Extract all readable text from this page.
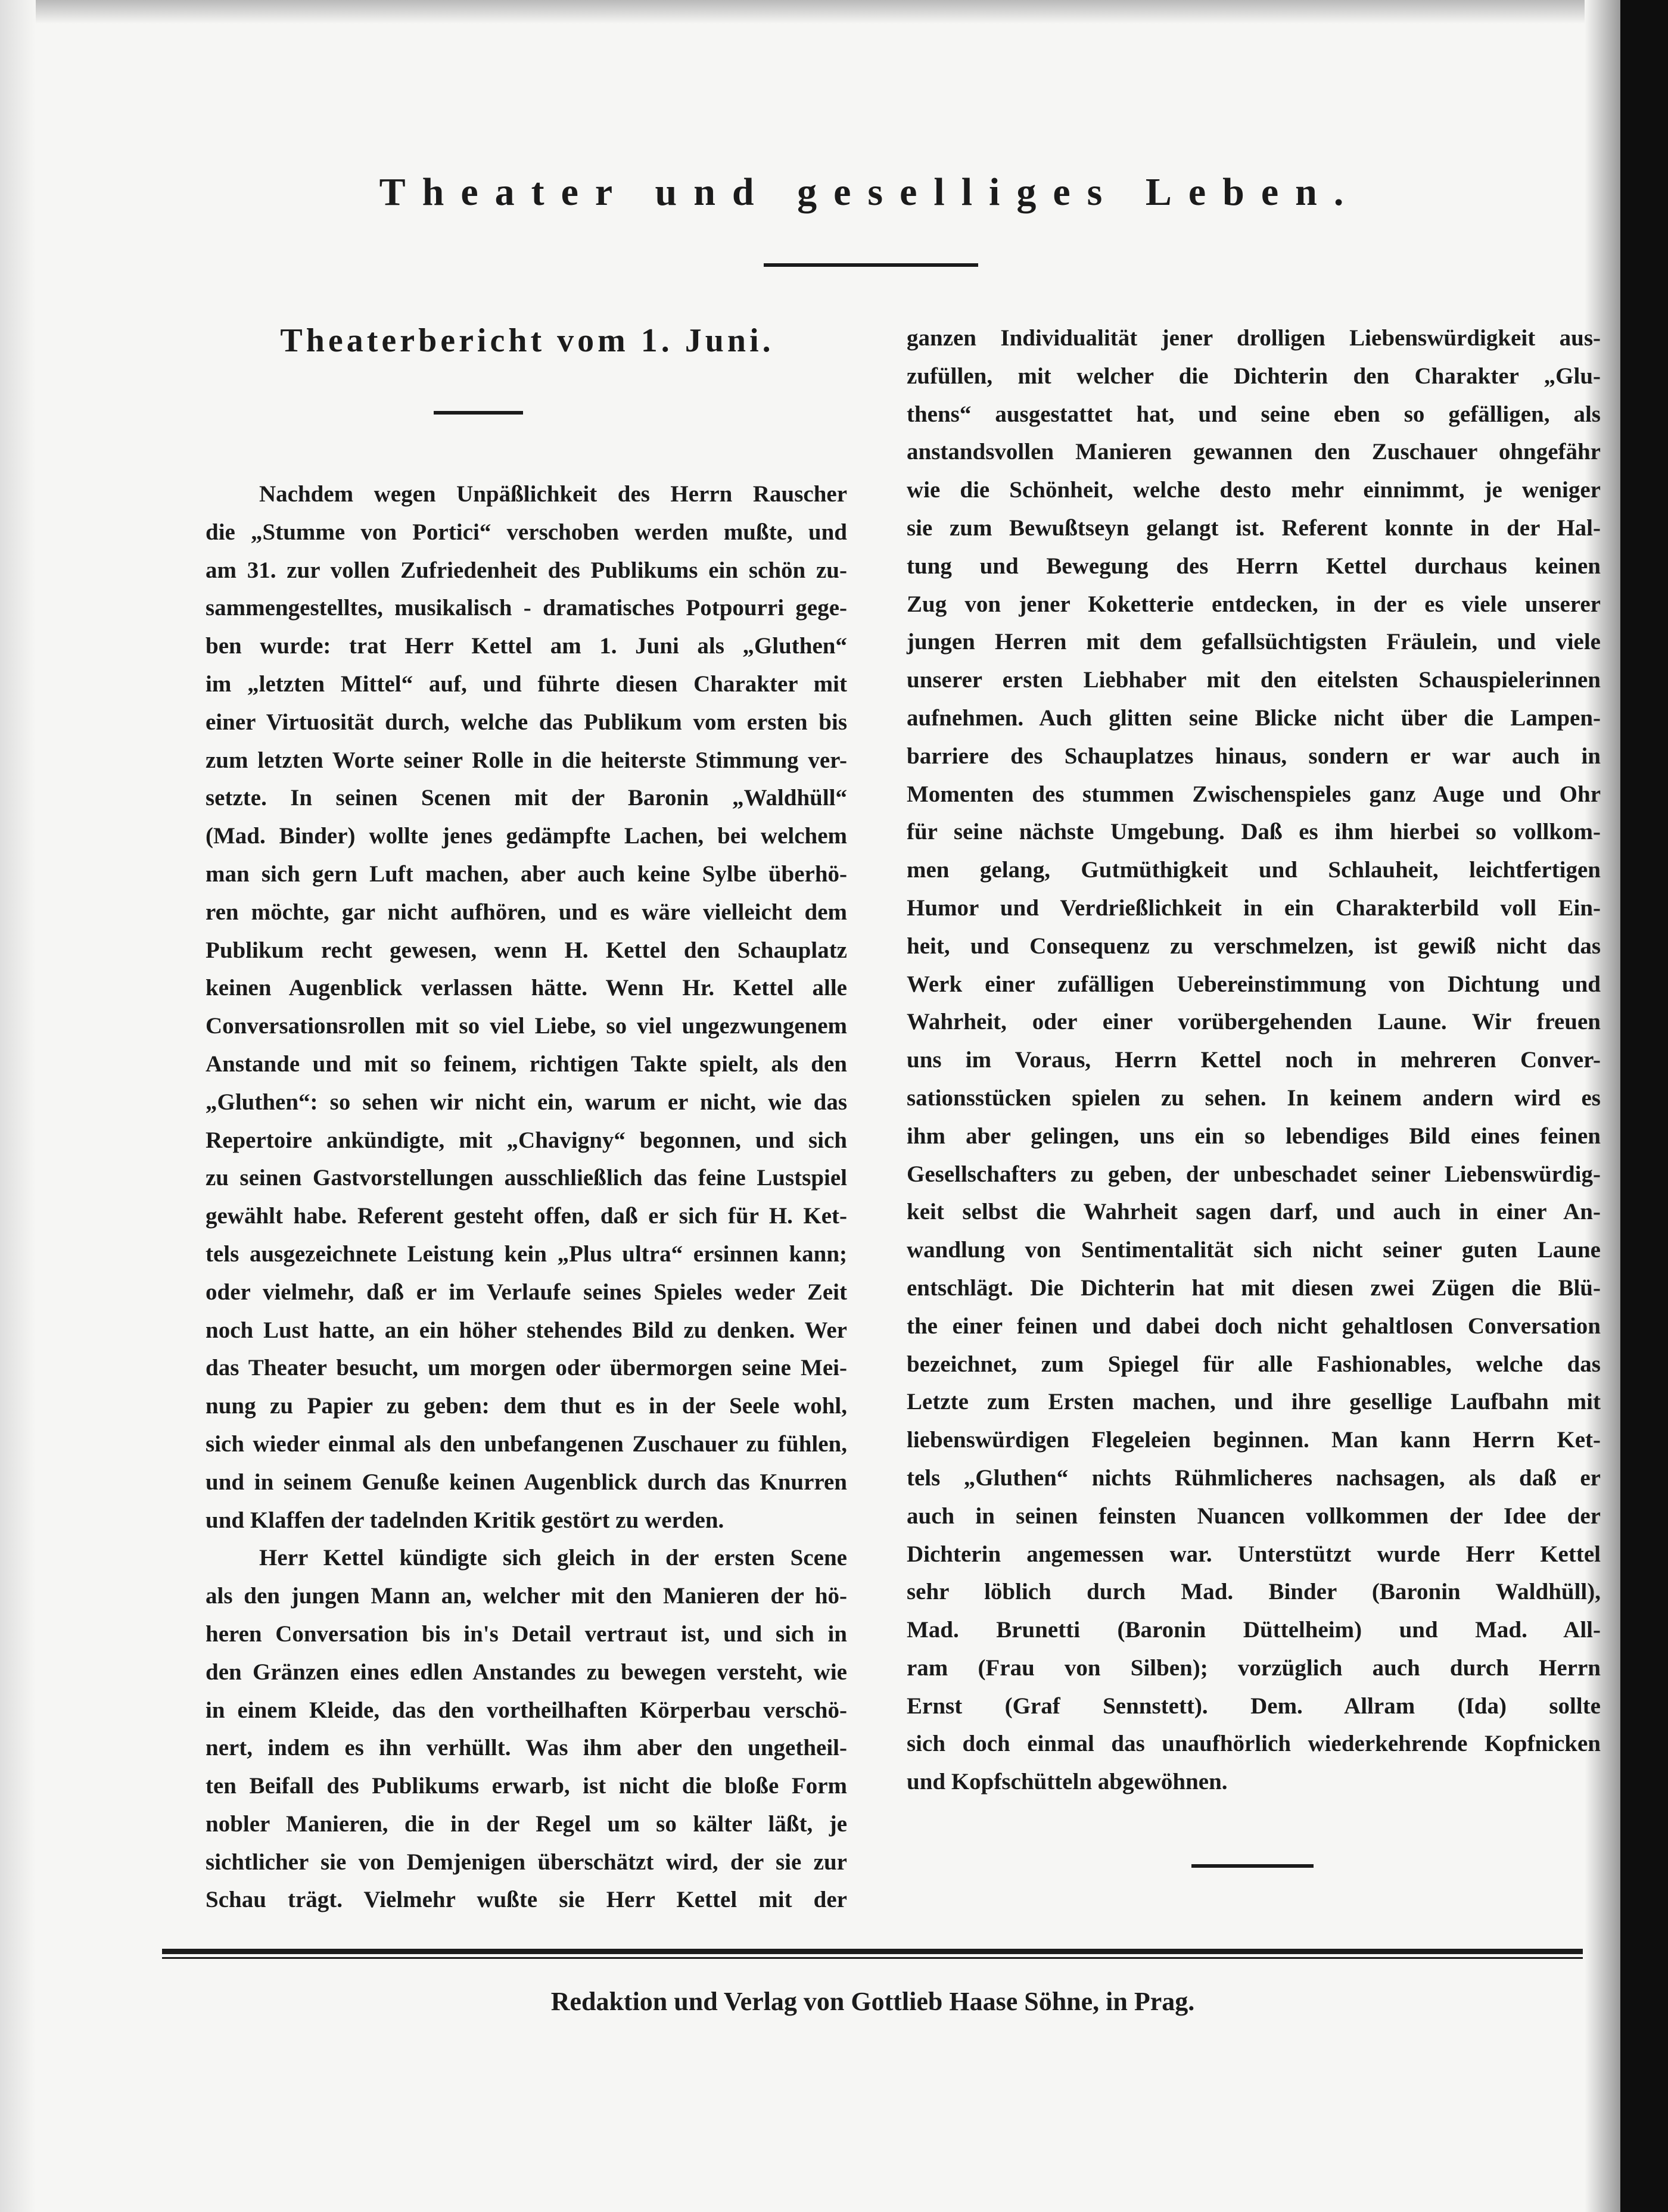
Theater und geselliges Leben.
Theaterbericht vom 1. Juni.
Nachdem wegen Unpäßlichkeit des Herrn Rauscher
die „Stumme von Portici“ verschoben werden mußte, und
am 31. zur vollen Zufriedenheit des Publikums ein schön zu-
sammengestelltes, musikalisch - dramatisches Potpourri gege-
ben wurde: trat Herr Kettel am 1. Juni als „Gluthen“
im „letzten Mittel“ auf, und führte diesen Charakter mit
einer Virtuosität durch, welche das Publikum vom ersten bis
zum letzten Worte seiner Rolle in die heiterste Stimmung ver-
setzte. In seinen Scenen mit der Baronin „Waldhüll“
(Mad. Binder) wollte jenes gedämpfte Lachen, bei welchem
man sich gern Luft machen, aber auch keine Sylbe überhö-
ren möchte, gar nicht aufhören, und es wäre vielleicht dem
Publikum recht gewesen, wenn H. Kettel den Schauplatz
keinen Augenblick verlassen hätte. Wenn Hr. Kettel alle
Conversationsrollen mit so viel Liebe, so viel ungezwungenem
Anstande und mit so feinem, richtigen Takte spielt, als den
„Gluthen“: so sehen wir nicht ein, warum er nicht, wie das
Repertoire ankündigte, mit „Chavigny“ begonnen, und sich
zu seinen Gastvorstellungen ausschließlich das feine Lustspiel
gewählt habe. Referent gesteht offen, daß er sich für H. Ket-
tels ausgezeichnete Leistung kein „Plus ultra“ ersinnen kann;
oder vielmehr, daß er im Verlaufe seines Spieles weder Zeit
noch Lust hatte, an ein höher stehendes Bild zu denken. Wer
das Theater besucht, um morgen oder übermorgen seine Mei-
nung zu Papier zu geben: dem thut es in der Seele wohl,
sich wieder einmal als den unbefangenen Zuschauer zu fühlen,
und in seinem Genuße keinen Augenblick durch das Knurren
und Klaffen der tadelnden Kritik gestört zu werden.
Herr Kettel kündigte sich gleich in der ersten Scene
als den jungen Mann an, welcher mit den Manieren der hö-
heren Conversation bis in's Detail vertraut ist, und sich in
den Gränzen eines edlen Anstandes zu bewegen versteht, wie
in einem Kleide, das den vortheilhaften Körperbau verschö-
nert, indem es ihn verhüllt. Was ihm aber den ungetheil-
ten Beifall des Publikums erwarb, ist nicht die bloße Form
nobler Manieren, die in der Regel um so kälter läßt, je
sichtlicher sie von Demjenigen überschätzt wird, der sie zur
Schau trägt. Vielmehr wußte sie Herr Kettel mit der
ganzen Individualität jener drolligen Liebenswürdigkeit aus-
zufüllen, mit welcher die Dichterin den Charakter „Glu-
thens“ ausgestattet hat, und seine eben so gefälligen, als
anstandsvollen Manieren gewannen den Zuschauer ohngefähr
wie die Schönheit, welche desto mehr einnimmt, je weniger
sie zum Bewußtseyn gelangt ist. Referent konnte in der Hal-
tung und Bewegung des Herrn Kettel durchaus keinen
Zug von jener Koketterie entdecken, in der es viele unserer
jungen Herren mit dem gefallsüchtigsten Fräulein, und viele
unserer ersten Liebhaber mit den eitelsten Schauspielerinnen
aufnehmen. Auch glitten seine Blicke nicht über die Lampen-
barriere des Schauplatzes hinaus, sondern er war auch in
Momenten des stummen Zwischenspieles ganz Auge und Ohr
für seine nächste Umgebung. Daß es ihm hierbei so vollkom-
men gelang, Gutmüthigkeit und Schlauheit, leichtfertigen
Humor und Verdrießlichkeit in ein Charakterbild voll Ein-
heit, und Consequenz zu verschmelzen, ist gewiß nicht das
Werk einer zufälligen Uebereinstimmung von Dichtung und
Wahrheit, oder einer vorübergehenden Laune. Wir freuen
uns im Voraus, Herrn Kettel noch in mehreren Conver-
sationsstücken spielen zu sehen. In keinem andern wird es
ihm aber gelingen, uns ein so lebendiges Bild eines feinen
Gesellschafters zu geben, der unbeschadet seiner Liebenswürdig-
keit selbst die Wahrheit sagen darf, und auch in einer An-
wandlung von Sentimentalität sich nicht seiner guten Laune
entschlägt. Die Dichterin hat mit diesen zwei Zügen die Blü-
the einer feinen und dabei doch nicht gehaltlosen Conversation
bezeichnet, zum Spiegel für alle Fashionables, welche das
Letzte zum Ersten machen, und ihre gesellige Laufbahn mit
liebenswürdigen Flegeleien beginnen. Man kann Herrn Ket-
tels „Gluthen“ nichts Rühmlicheres nachsagen, als daß er
auch in seinen feinsten Nuancen vollkommen der Idee der
Dichterin angemessen war. Unterstützt wurde Herr Kettel
sehr löblich durch Mad. Binder (Baronin Waldhüll),
Mad. Brunetti (Baronin Düttelheim) und Mad. All-
ram (Frau von Silben); vorzüglich auch durch Herrn
Ernst (Graf Sennstett). Dem. Allram (Ida) sollte
sich doch einmal das unaufhörlich wiederkehrende Kopfnicken
und Kopfschütteln abgewöhnen.
Redaktion und Verlag von Gottlieb Haase Söhne, in Prag.
